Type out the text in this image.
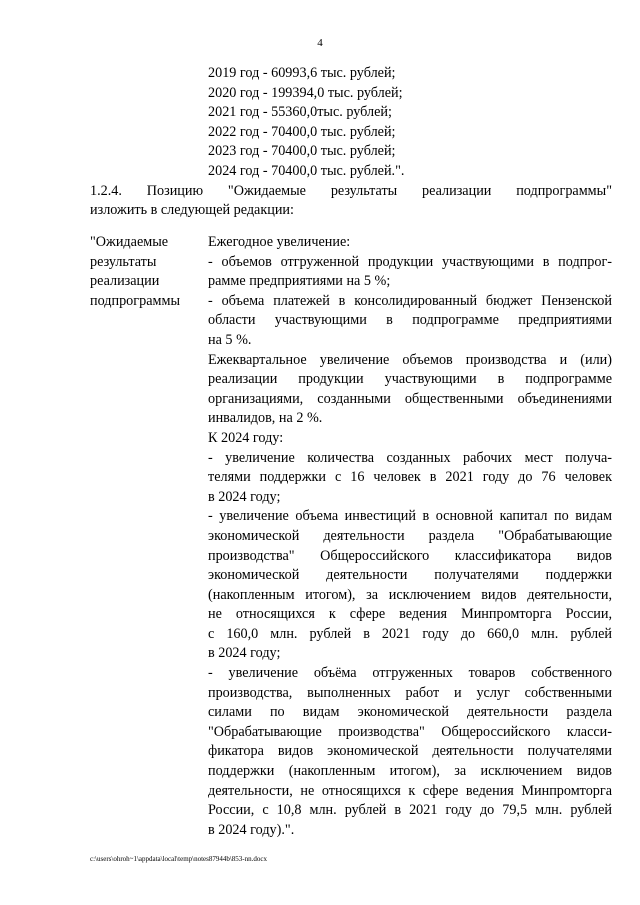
4
2019 год - 60993,6 тыс. рублей;
2020 год - 199394,0 тыс. рублей;
2021 год - 55360,0тыс. рублей;
2022 год - 70400,0 тыс. рублей;
2023 год - 70400,0 тыс. рублей;
2024 год - 70400,0 тыс. рублей.".
1.2.4. Позицию "Ожидаемые результаты реализации подпрограммы"
изложить в следующей редакции:
"Ожидаемые
результаты
реализации
подпрограммы
Ежегодное увеличение:
- объемов отгруженной продукции участвующими в подпрог-
рамме предприятиями на 5 %;
- объема платежей в консолидированный бюджет Пензенской
области участвующими в подпрограмме предприятиями
на 5 %.
Ежеквартальное увеличение объемов производства и (или)
реализации продукции участвующими в подпрограмме
организациями, созданными общественными объединениями
инвалидов, на 2 %.
К 2024 году:
- увеличение количества созданных рабочих мест получа-
телями поддержки с 16 человек в 2021 году до 76 человек
в 2024 году;
- увеличение объема инвестиций в основной капитал по видам
экономической деятельности раздела "Обрабатывающие
производства" Общероссийского классификатора видов
экономической деятельности получателями поддержки
(накопленным итогом), за исключением видов деятельности,
не относящихся к сфере ведения Минпромторга России,
с 160,0 млн. рублей в 2021 году до 660,0 млн. рублей
в 2024 году;
- увеличение объёма отгруженных товаров собственного
производства, выполненных работ и услуг собственными
силами по видам экономической деятельности раздела
"Обрабатывающие производства" Общероссийского класси-
фикатора видов экономической деятельности получателями
поддержки (накопленным итогом), за исключением видов
деятельности, не относящихся к сфере ведения Минпромторга
России, с 10,8 млн. рублей в 2021 году до 79,5 млн. рублей
в 2024 году).".
c:\users\ohroh~1\appdata\local\temp\notes87944b\853-nn.docx
